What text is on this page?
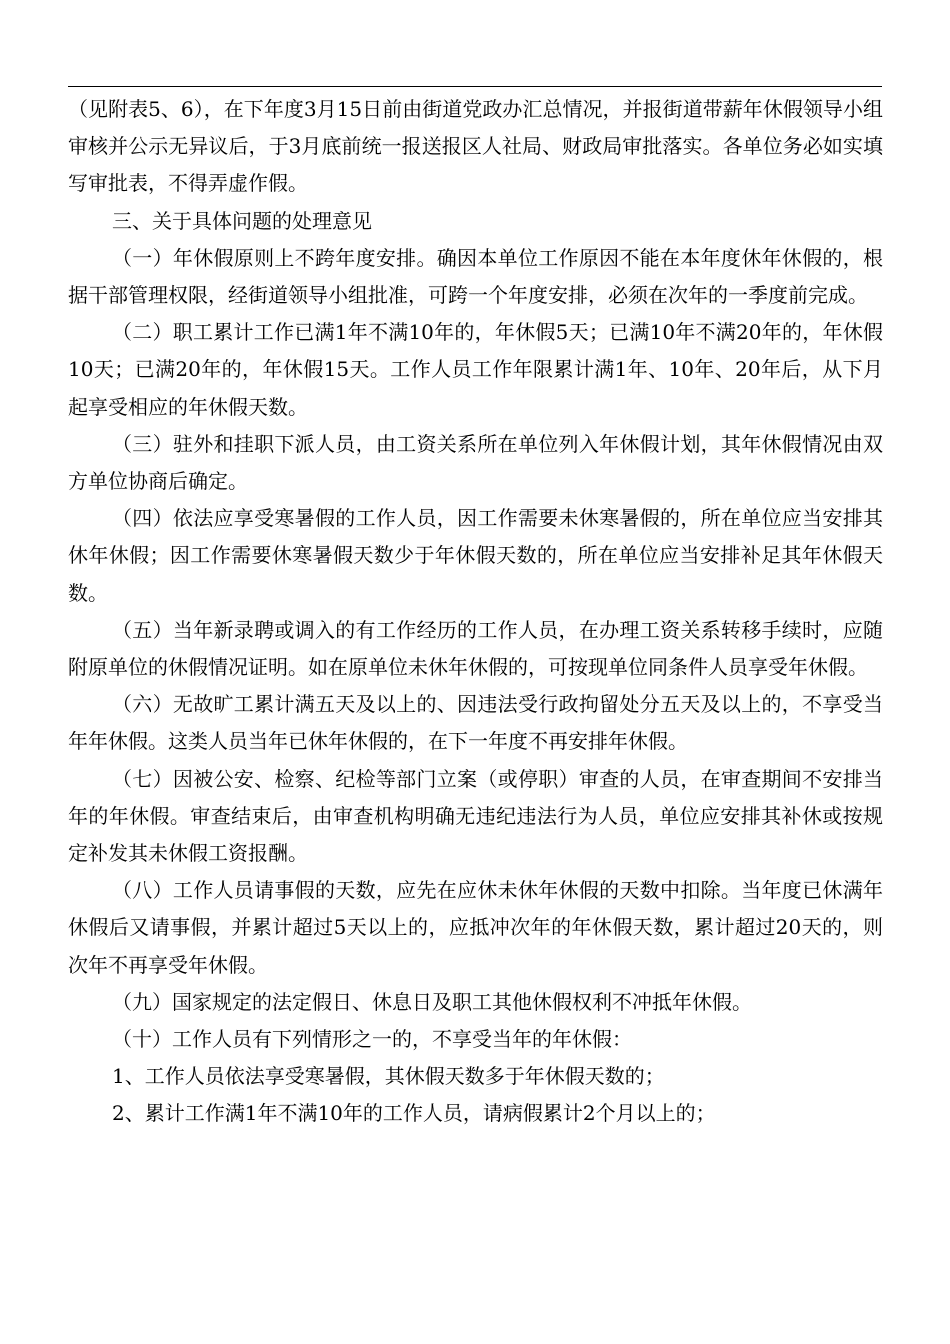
（见附表5、6），在下年度3月15日前由街道党政办汇总情况，并报街道带薪年休假领导小组审核并公示无异议后，于3月底前统一报送报区人社局、财政局审批落实。各单位务必如实填写审批表，不得弄虚作假。

三、关于具体问题的处理意见

（一）年休假原则上不跨年度安排。确因本单位工作原因不能在本年度休年休假的，根据干部管理权限，经街道领导小组批准，可跨一个年度安排，必须在次年的一季度前完成。

（二）职工累计工作已满1年不满10年的，年休假5天；已满10年不满20年的，年休假10天；已满20年的，年休假15天。工作人员工作年限累计满1年、10年、20年后，从下月起享受相应的年休假天数。

（三）驻外和挂职下派人员，由工资关系所在单位列入年休假计划，其年休假情况由双方单位协商后确定。

（四）依法应享受寒暑假的工作人员，因工作需要未休寒暑假的，所在单位应当安排其休年休假；因工作需要休寒暑假天数少于年休假天数的，所在单位应当安排补足其年休假天数。

（五）当年新录聘或调入的有工作经历的工作人员，在办理工资关系转移手续时，应随附原单位的休假情况证明。如在原单位未休年休假的，可按现单位同条件人员享受年休假。

（六）无故旷工累计满五天及以上的、因违法受行政拘留处分五天及以上的，不享受当年年休假。这类人员当年已休年休假的，在下一年度不再安排年休假。

（七）因被公安、检察、纪检等部门立案（或停职）审查的人员，在审查期间不安排当年的年休假。审查结束后，由审查机构明确无违纪违法行为人员，单位应安排其补休或按规定补发其未休假工资报酬。

（八）工作人员请事假的天数，应先在应休未休年休假的天数中扣除。当年度已休满年休假后又请事假，并累计超过5天以上的，应抵冲次年的年休假天数，累计超过20天的，则次年不再享受年休假。

（九）国家规定的法定假日、休息日及职工其他休假权利不冲抵年休假。

（十）工作人员有下列情形之一的，不享受当年的年休假：

1、工作人员依法享受寒暑假，其休假天数多于年休假天数的；

2、累计工作满1年不满10年的工作人员，请病假累计2个月以上的；
